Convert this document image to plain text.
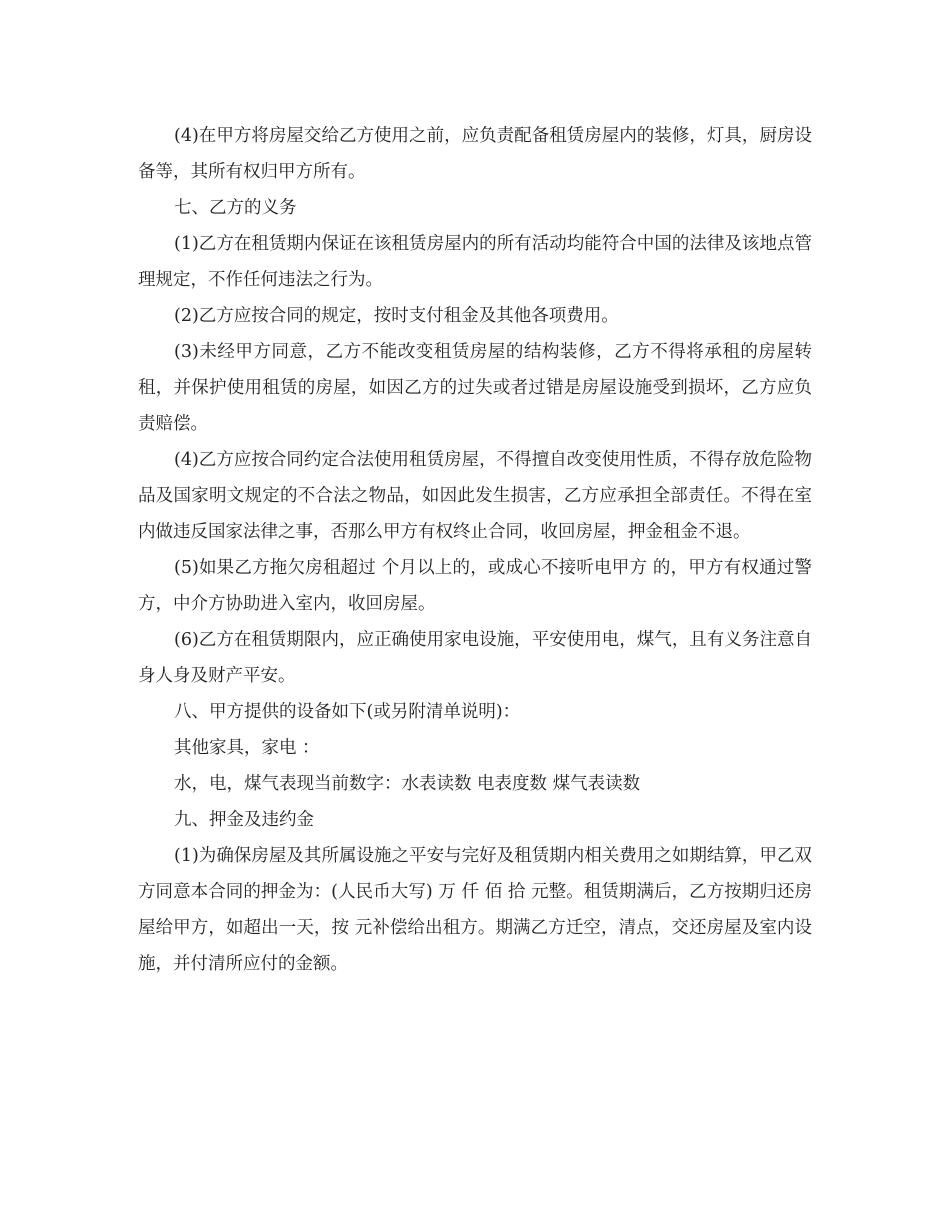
(4)在甲方将房屋交给乙方使用之前，应负责配备租赁房屋内的装修，灯具，厨房设备等，其所有权归甲方所有。

七、乙方的义务

(1)乙方在租赁期内保证在该租赁房屋内的所有活动均能符合中国的法律及该地点管理规定，不作任何违法之行为。

(2)乙方应按合同的规定，按时支付租金及其他各项费用。

(3)未经甲方同意，乙方不能改变租赁房屋的结构装修，乙方不得将承租的房屋转租，并保护使用租赁的房屋，如因乙方的过失或者过错是房屋设施受到损坏，乙方应负责赔偿。

(4)乙方应按合同约定合法使用租赁房屋，不得擅自改变使用性质，不得存放危险物品及国家明文规定的不合法之物品，如因此发生损害，乙方应承担全部责任。不得在室内做违反国家法律之事，否那么甲方有权终止合同，收回房屋，押金租金不退。

(5)如果乙方拖欠房租超过 个月以上的，或成心不接听电甲方 的，甲方有权通过警方，中介方协助进入室内，收回房屋。

(6)乙方在租赁期限内，应正确使用家电设施，平安使用电，煤气，且有义务注意自身人身及财产平安。

八、甲方提供的设备如下(或另附清单说明)：

其他家具，家电 ：

水，电，煤气表现当前数字：水表读数 电表度数 煤气表读数

九、押金及违约金

(1)为确保房屋及其所属设施之平安与完好及租赁期内相关费用之如期结算，甲乙双方同意本合同的押金为：(人民币大写) 万 仟 佰 拾 元整。租赁期满后，乙方按期归还房屋给甲方，如超出一天，按 元补偿给出租方。期满乙方迁空，清点，交还房屋及室内设施，并付清所应付的金额。
